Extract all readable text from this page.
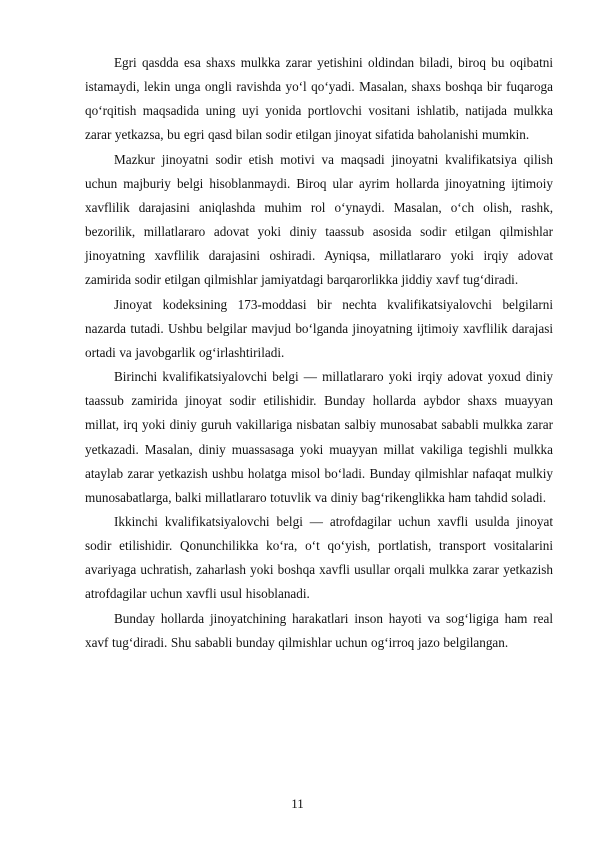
Egri qasdda esa shaxs mulkka zarar yetishini oldindan biladi, biroq bu oqibatni istamaydi, lekin unga ongli ravishda yo‘l qo‘yadi. Masalan, shaxs boshqa bir fuqaroga qo‘rqitish maqsadida uning uyi yonida portlovchi vositani ishlatib, natijada mulkka zarar yetkazsa, bu egri qasd bilan sodir etilgan jinoyat sifatida baholanishi mumkin.

Mazkur jinoyatni sodir etish motivi va maqsadi jinoyatni kvalifikatsiya qilish uchun majburiy belgi hisoblanmaydi. Biroq ular ayrim hollarda jinoyatning ijtimoiy xavflilik darajasini aniqlashda muhim rol o‘ynaydi. Masalan, o‘ch olish, rashk, bezorilik, millatlararo adovat yoki diniy taassub asosida sodir etilgan qilmishlar jinoyatning xavflilik darajasini oshiradi. Ayniqsa, millatlararo yoki irqiy adovat zamirida sodir etilgan qilmishlar jamiyatdagi barqarorlikka jiddiy xavf tug‘diradi.

Jinoyat kodeksining 173-moddasi bir nechta kvalifikatsiyalovchi belgilarni nazarda tutadi. Ushbu belgilar mavjud bo‘lganda jinoyatning ijtimoiy xavflilik darajasi ortadi va javobgarlik og‘irlashtiriladi.

Birinchi kvalifikatsiyalovchi belgi — millatlararo yoki irqiy adovat yoxud diniy taassub zamirida jinoyat sodir etilishidir. Bunday hollarda aybdor shaxs muayyan millat, irq yoki diniy guruh vakillariga nisbatan salbiy munosabat sababli mulkka zarar yetkazadi. Masalan, diniy muassasaga yoki muayyan millat vakiliga tegishli mulkka ataylab zarar yetkazish ushbu holatga misol bo‘ladi. Bunday qilmishlar nafaqat mulkiy munosabatlarga, balki millatlararo totuvlik va diniy bag‘rikenglikka ham tahdid soladi.

Ikkinchi kvalifikatsiyalovchi belgi — atrofdagilar uchun xavfli usulda jinoyat sodir etilishidir. Qonunchilikka ko‘ra, o‘t qo‘yish, portlatish, transport vositalarini avariyaga uchratish, zaharlash yoki boshqa xavfli usullar orqali mulkka zarar yetkazish atrofdagilar uchun xavfli usul hisoblanadi.

Bunday hollarda jinoyatchining harakatlari inson hayoti va sog‘ligiga ham real xavf tug‘diradi. Shu sababli bunday qilmishlar uchun og‘irroq jazo belgilangan.

11
